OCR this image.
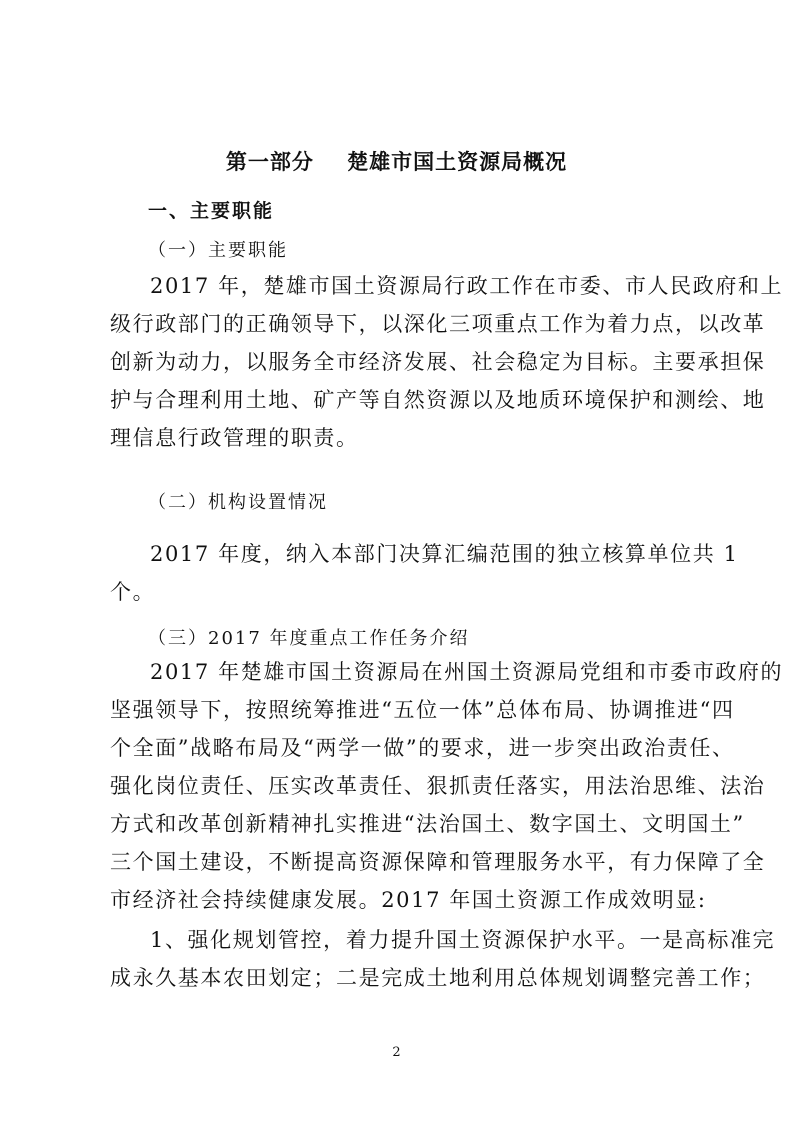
第一部分    楚雄市国土资源局概况
一、主要职能
（一）主要职能
2017 年，楚雄市国土资源局行政工作在市委、市人民政府和上
级行政部门的正确领导下，以深化三项重点工作为着力点，以改革
创新为动力，以服务全市经济发展、社会稳定为目标。主要承担保
护与合理利用土地、矿产等自然资源以及地质环境保护和测绘、地
理信息行政管理的职责。
（二）机构设置情况
2017 年度，纳入本部门决算汇编范围的独立核算单位共 1
个。
（三）2017 年度重点工作任务介绍
2017 年楚雄市国土资源局在州国土资源局党组和市委市政府的
坚强领导下，按照统筹推进“五位一体”总体布局、协调推进“四
个全面”战略布局及“两学一做”的要求，进一步突出政治责任、
强化岗位责任、压实改革责任、狠抓责任落实，用法治思维、法治
方式和改革创新精神扎实推进“法治国土、数字国土、文明国土”
三个国土建设，不断提高资源保障和管理服务水平，有力保障了全
市经济社会持续健康发展。2017 年国土资源工作成效明显:
1、强化规划管控，着力提升国土资源保护水平。一是高标准完
成永久基本农田划定；二是完成土地利用总体规划调整完善工作；
2
